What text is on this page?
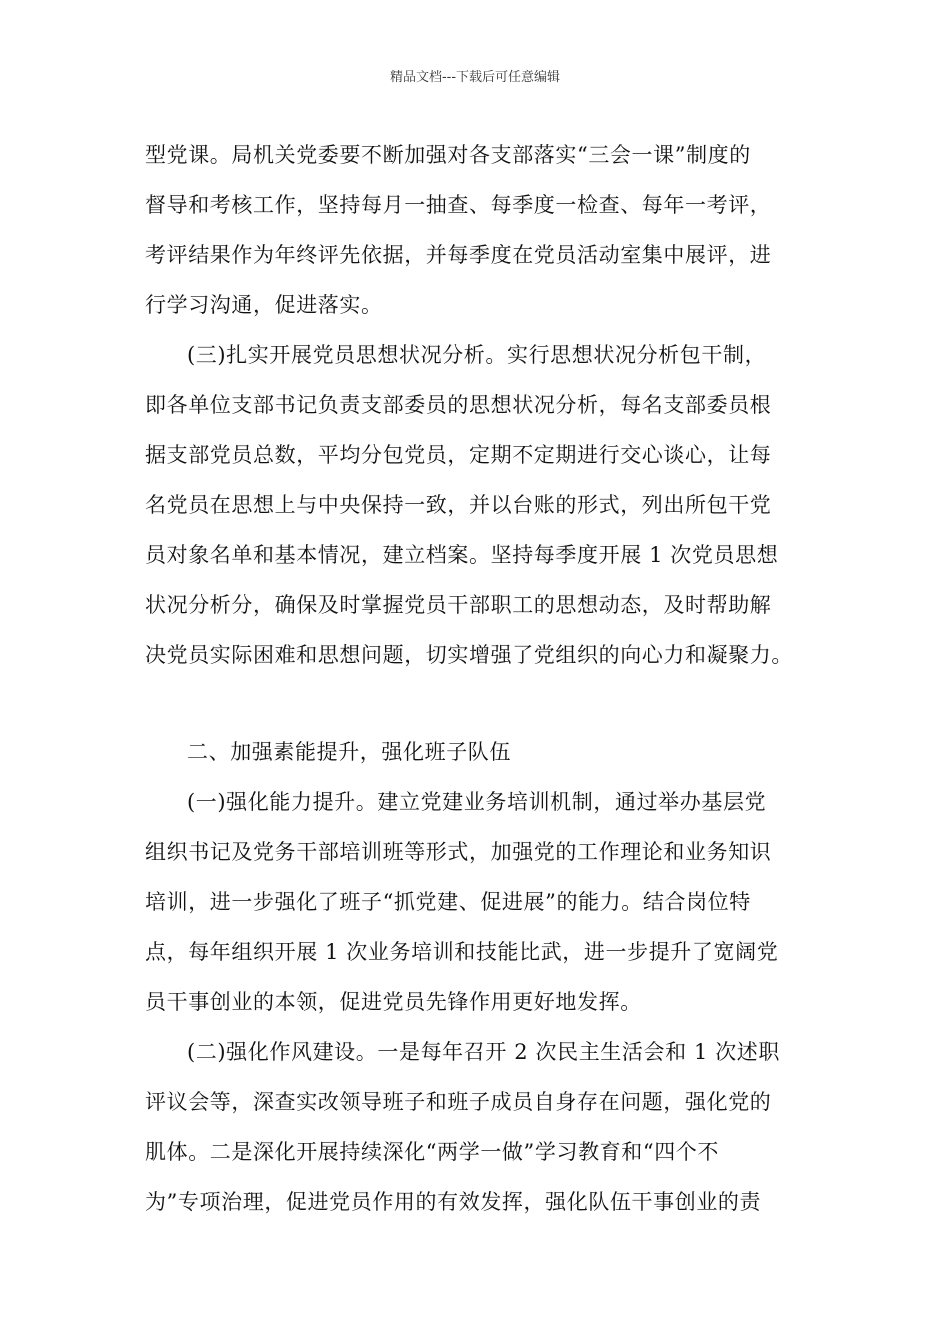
精品文档---下载后可任意编辑
型党课。局机关党委要不断加强对各支部落实“三会一课”制度的
督导和考核工作，坚持每月一抽查、每季度一检查、每年一考评，
考评结果作为年终评先依据，并每季度在党员活动室集中展评，进
行学习沟通，促进落实。
(三)扎实开展党员思想状况分析。实行思想状况分析包干制，
即各单位支部书记负责支部委员的思想状况分析，每名支部委员根
据支部党员总数，平均分包党员，定期不定期进行交心谈心，让每
名党员在思想上与中央保持一致，并以台账的形式，列出所包干党
员对象名单和基本情况，建立档案。坚持每季度开展 1 次党员思想
状况分析分，确保及时掌握党员干部职工的思想动态，及时帮助解
决党员实际困难和思想问题，切实增强了党组织的向心力和凝聚力。
二、加强素能提升，强化班子队伍
(一)强化能力提升。建立党建业务培训机制，通过举办基层党
组织书记及党务干部培训班等形式，加强党的工作理论和业务知识
培训，进一步强化了班子“抓党建、促进展”的能力。结合岗位特
点，每年组织开展 1 次业务培训和技能比武，进一步提升了宽阔党
员干事创业的本领，促进党员先锋作用更好地发挥。
(二)强化作风建设。一是每年召开 2 次民主生活会和 1 次述职
评议会等，深查实改领导班子和班子成员自身存在问题，强化党的
肌体。二是深化开展持续深化“两学一做”学习教育和“四个不
为”专项治理，促进党员作用的有效发挥，强化队伍干事创业的责
